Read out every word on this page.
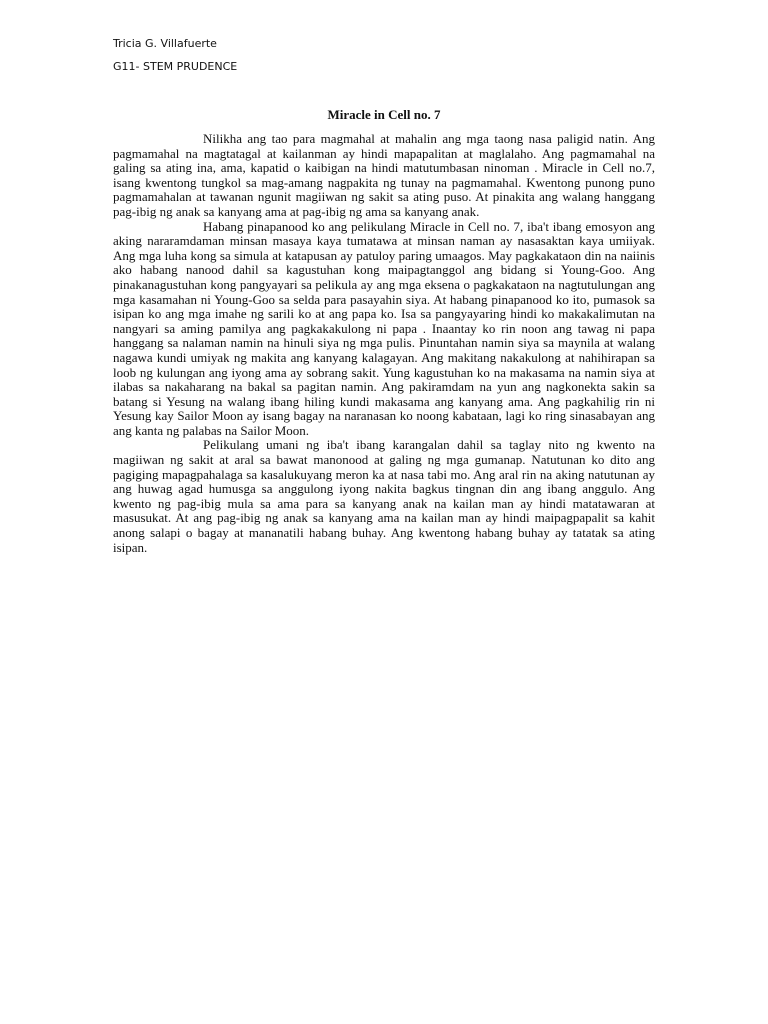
Tricia G. Villafuerte

G11- STEM PRUDENCE

Miracle in Cell no. 7

Nilikha ang tao para magmahal at mahalin ang mga taong nasa paligid natin. Ang pagmamahal na magtatagal at kailanman ay hindi mapapalitan at maglalaho. Ang pagmamahal na galing sa ating ina, ama, kapatid o kaibigan na hindi matutumbasan ninoman . Miracle in Cell no.7, isang kwentong tungkol sa mag-amang nagpakita ng tunay na pagmamahal. Kwentong punong puno pagmamahalan at tawanan ngunit magiiwan ng sakit sa ating puso. At pinakita ang walang hanggang pag-ibig ng anak sa kanyang ama at pag-ibig ng ama sa kanyang anak.

Habang pinapanood ko ang pelikulang Miracle in Cell no. 7, iba't ibang emosyon ang aking nararamdaman minsan masaya kaya tumatawa at minsan naman ay nasasaktan kaya umiiyak. Ang mga luha kong sa simula at katapusan ay patuloy paring umaagos. May pagkakataon din na naiinis ako habang nanood dahil sa kagustuhan kong maipagtanggol ang bidang si Young-Goo. Ang pinakanagustuhan kong pangyayari sa pelikula ay ang mga eksena o pagkakataon na nagtutulungan ang mga kasamahan ni Young-Goo sa selda para pasayahin siya. At habang pinapanood ko ito, pumasok sa isipan ko ang mga imahe ng sarili ko at ang papa ko. Isa sa pangyayaring hindi ko makakalimutan na nangyari sa aming pamilya ang pagkakakulong ni papa . Inaantay ko rin noon ang tawag ni papa hanggang sa nalaman namin na hinuli siya ng mga pulis. Pinuntahan namin siya sa maynila at walang nagawa kundi umiyak ng makita ang kanyang kalagayan. Ang makitang nakakulong at nahihirapan sa loob ng kulungan ang iyong ama ay sobrang sakit. Yung kagustuhan ko na makasama na namin siya at ilabas sa nakaharang na bakal sa pagitan namin. Ang pakiramdam na yun ang nagkonekta sakin sa batang si Yesung na walang ibang hiling kundi makasama ang kanyang ama. Ang pagkahilig rin ni Yesung kay Sailor Moon ay isang bagay na naranasan ko noong kabataan, lagi ko ring sinasabayan ang ang kanta ng palabas na Sailor Moon.

Pelikulang umani ng iba't ibang karangalan dahil sa taglay nito ng kwento na magiiwan ng sakit at aral sa bawat manonood at galing ng mga gumanap. Natutunan ko dito ang pagiging mapagpahalaga sa kasalukuyang meron ka at nasa tabi mo. Ang aral rin na aking natutunan ay ang huwag agad humusga sa anggulong iyong nakita bagkus tingnan din ang ibang anggulo. Ang kwento ng pag-ibig mula sa ama para sa kanyang anak na kailan man ay hindi matatawaran at masusukat. At ang pag-ibig ng anak sa kanyang ama na kailan man ay hindi maipagpapalit sa kahit anong salapi o bagay at mananatili habang buhay. Ang kwentong habang buhay ay tatatak sa ating isipan.
